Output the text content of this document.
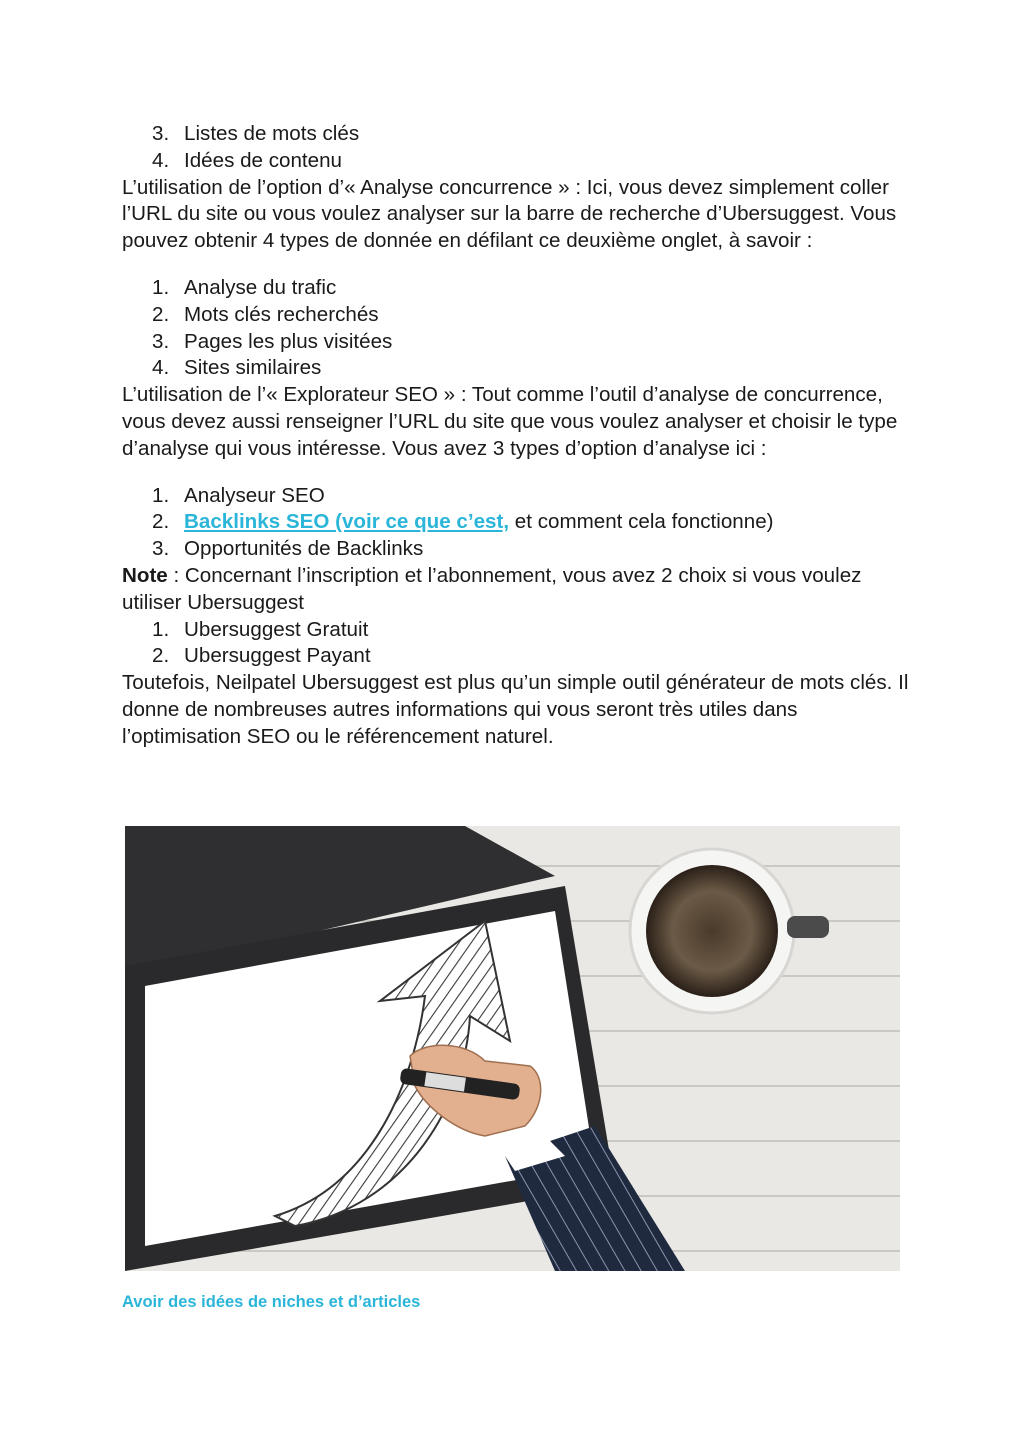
3. Listes de mots clés
4. Idées de contenu

L’utilisation de l’option d’« Analyse concurrence » : Ici, vous devez simplement coller l’URL du site ou vous voulez analyser sur la barre de recherche d’Ubersuggest. Vous pouvez obtenir 4 types de donnée en défilant ce deuxième onglet, à savoir :

1. Analyse du trafic
2. Mots clés recherchés
3. Pages les plus visitées
4. Sites similaires

L’utilisation de l’« Explorateur SEO » : Tout comme l’outil d’analyse de concurrence, vous devez aussi renseigner l’URL du site que vous voulez analyser et choisir le type d’analyse qui vous intéresse. Vous avez 3 types d’option d’analyse ici :

1. Analyseur SEO
2. Backlinks SEO (voir ce que c’est, et comment cela fonctionne)
3. Opportunités de Backlinks

Note : Concernant l’inscription et l’abonnement, vous avez 2 choix si vous voulez utiliser Ubersuggest

1. Ubersuggest Gratuit
2. Ubersuggest Payant

Toutefois, Neilpatel Ubersuggest est plus qu’un simple outil générateur de mots clés. Il donne de nombreuses autres informations qui vous seront très utiles dans l’optimisation SEO ou le référencement naturel.

Avoir des idées de niches et d’articles
